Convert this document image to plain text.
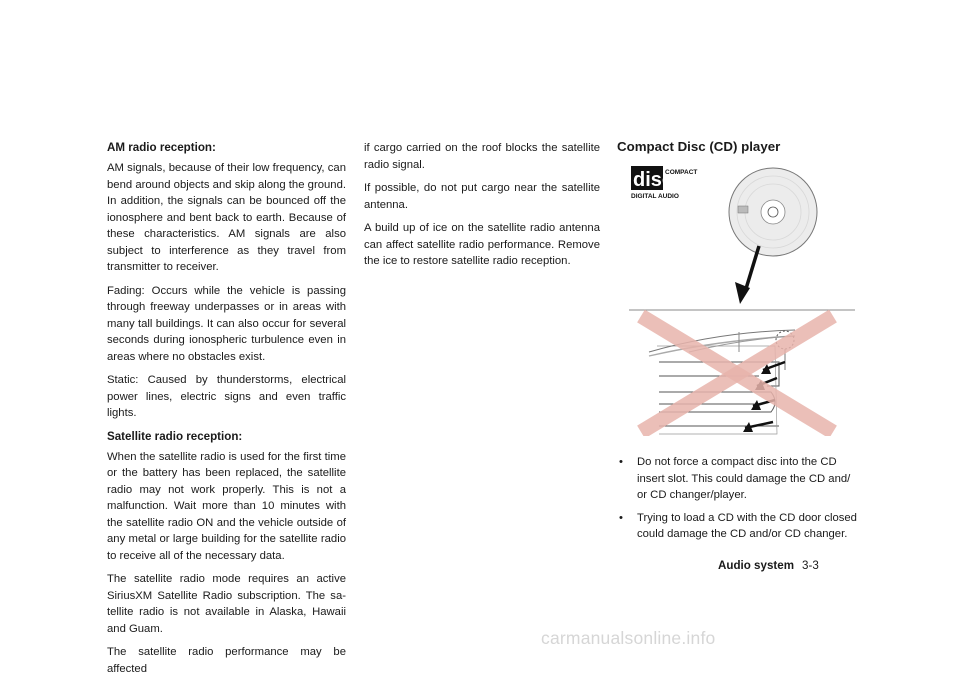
AM radio reception:

AM signals, because of their low frequency, can bend around objects and skip along the ground. In addition, the signals can be bounced off the ionosphere and bent back to earth. Because of these characteristics. AM signals are also subject to interference as they travel from transmitter to receiver.

Fading: Occurs while the vehicle is passing through freeway underpasses or in areas with many tall buildings. It can also occur for several seconds during ionospheric turbulence even in areas where no obstacles exist.

Static: Caused by thunderstorms, electrical power lines, electric signs and even traffic lights.

Satellite radio reception:

When the satellite radio is used for the first time or the battery has been replaced, the satellite radio may not work properly. This is not a malfunction. Wait more than 10 minutes with the satellite radio ON and the vehicle outside of any metal or large building for the satellite radio to receive all of the necessary data.

The satellite radio mode requires an active SiriusXM Satellite Radio subscription. The sa-tellite radio is not available in Alaska, Hawaii and Guam.

The satellite radio performance may be affected

if cargo carried on the roof blocks the satellite radio signal.

If possible, do not put cargo near the satellite antenna.

A build up of ice on the satellite radio antenna can affect satellite radio performance. Remove the ice to restore satellite radio reception.

Compact Disc (CD) player
disc
COMPACT
DIGITAL AUDIO
• Do not force a compact disc into the CD insert slot. This could damage the CD and/ or CD changer/player.
• Trying to load a CD with the CD door closed could damage the CD and/or CD changer.
Audio system 3-3
carmanualsonline.info
